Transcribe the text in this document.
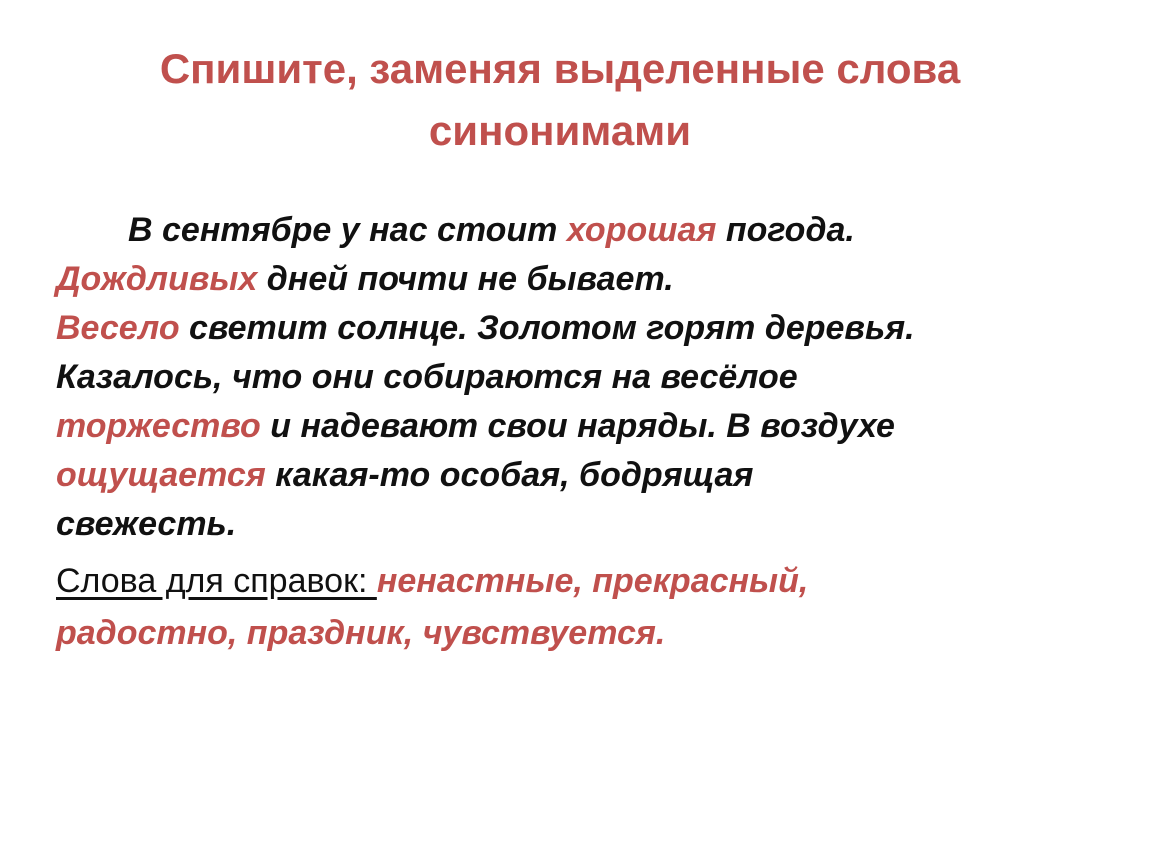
Спишите, заменяя выделенные слова
синонимами
В сентябре у нас стоит хорошая погода.
Дождливых дней почти не бывает.
Весело светит солнце. Золотом горят деревья.
Казалось, что они собираются на весёлое
торжество и надевают свои наряды. В воздухе
ощущается какая-то особая, бодрящая
свежесть.
Слова для справок: ненастные, прекрасный,
радостно, праздник, чувствуется.
